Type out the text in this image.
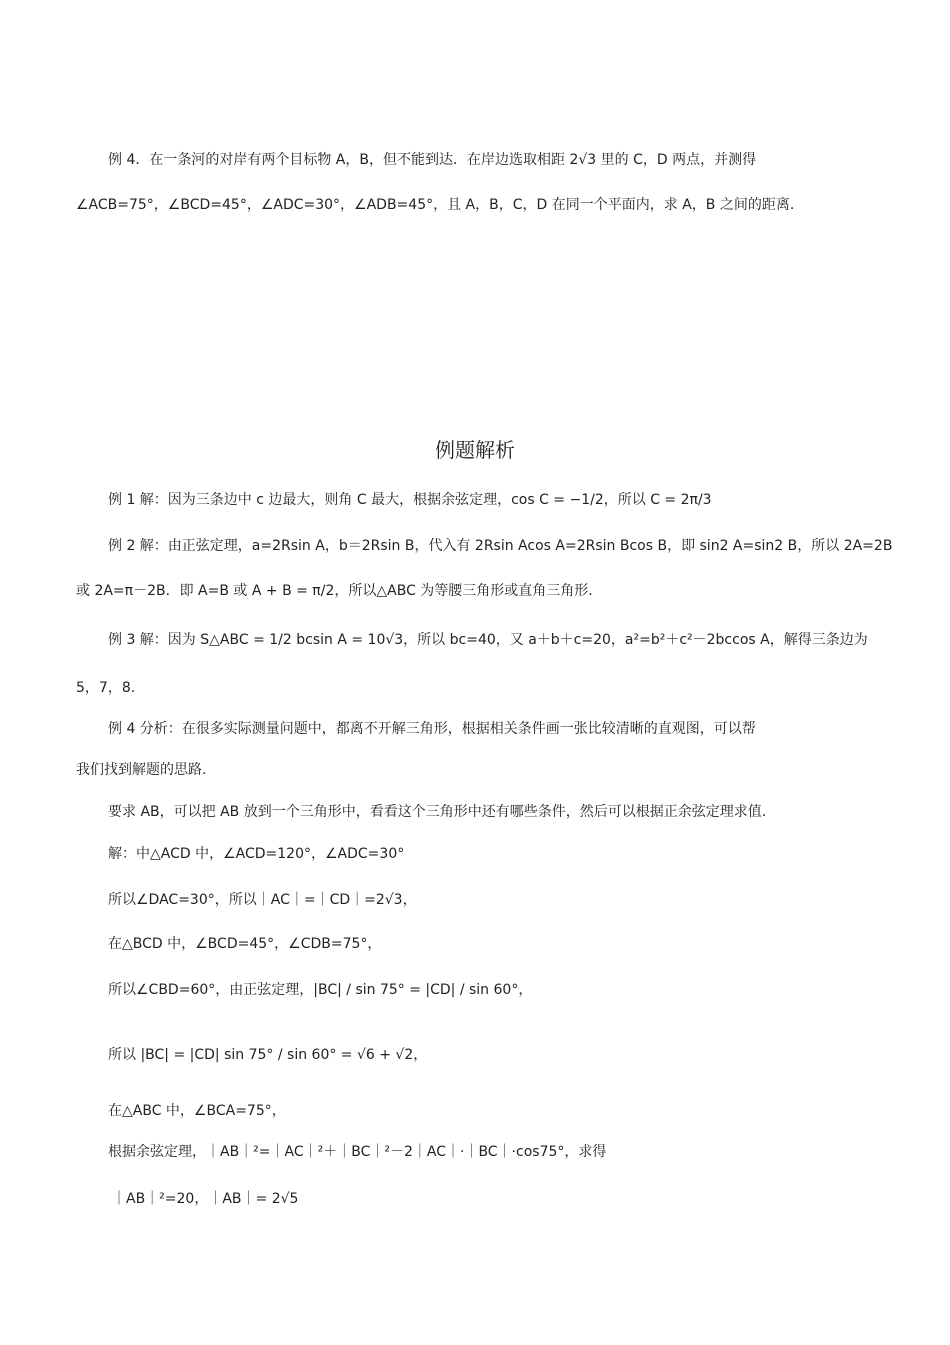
例 4．在一条河的对岸有两个目标物 A，B，但不能到达．在岸边选取相距 2√3 里的 C，D 两点，并测得
∠ACB=75°，∠BCD=45°，∠ADC=30°，∠ADB=45°，且 A，B，C，D 在同一个平面内，求 A，B 之间的距离.
例题解析
例 1 解：因为三条边中 c 边最大，则角 C 最大，根据余弦定理，cos C = −1/2，所以 C = 2π/3
例 2 解：由正弦定理，a=2Rsin A，b＝2Rsin B，代入有 2Rsin Acos A=2Rsin Bcos B，即 sin2 A=sin2 B，所以 2A=2B
或 2A=π－2B．即 A=B 或 A + B = π/2，所以△ABC 为等腰三角形或直角三角形.
例 3 解：因为 S△ABC = 1/2 bcsin A = 10√3，所以 bc=40，又 a＋b＋c=20，a²=b²＋c²－2bccos A，解得三条边为
5，7，8.
例 4 分析：在很多实际测量问题中，都离不开解三角形，根据相关条件画一张比较清晰的直观图，可以帮
我们找到解题的思路.
要求 AB，可以把 AB 放到一个三角形中，看看这个三角形中还有哪些条件，然后可以根据正余弦定理求值.
解：中△ACD 中，∠ACD=120°，∠ADC=30°
所以∠DAC=30°，所以｜AC｜=｜CD｜=2√3，
在△BCD 中，∠BCD=45°，∠CDB=75°，
所以∠CBD=60°，由正弦定理，|BC| / sin 75° = |CD| / sin 60°，
所以 |BC| = |CD| sin 75° / sin 60° = √6 + √2，
在△ABC 中，∠BCA=75°，
根据余弦定理，｜AB｜²=｜AC｜²＋｜BC｜²－2｜AC｜·｜BC｜·cos75°，求得
｜AB｜²=20，｜AB｜= 2√5
